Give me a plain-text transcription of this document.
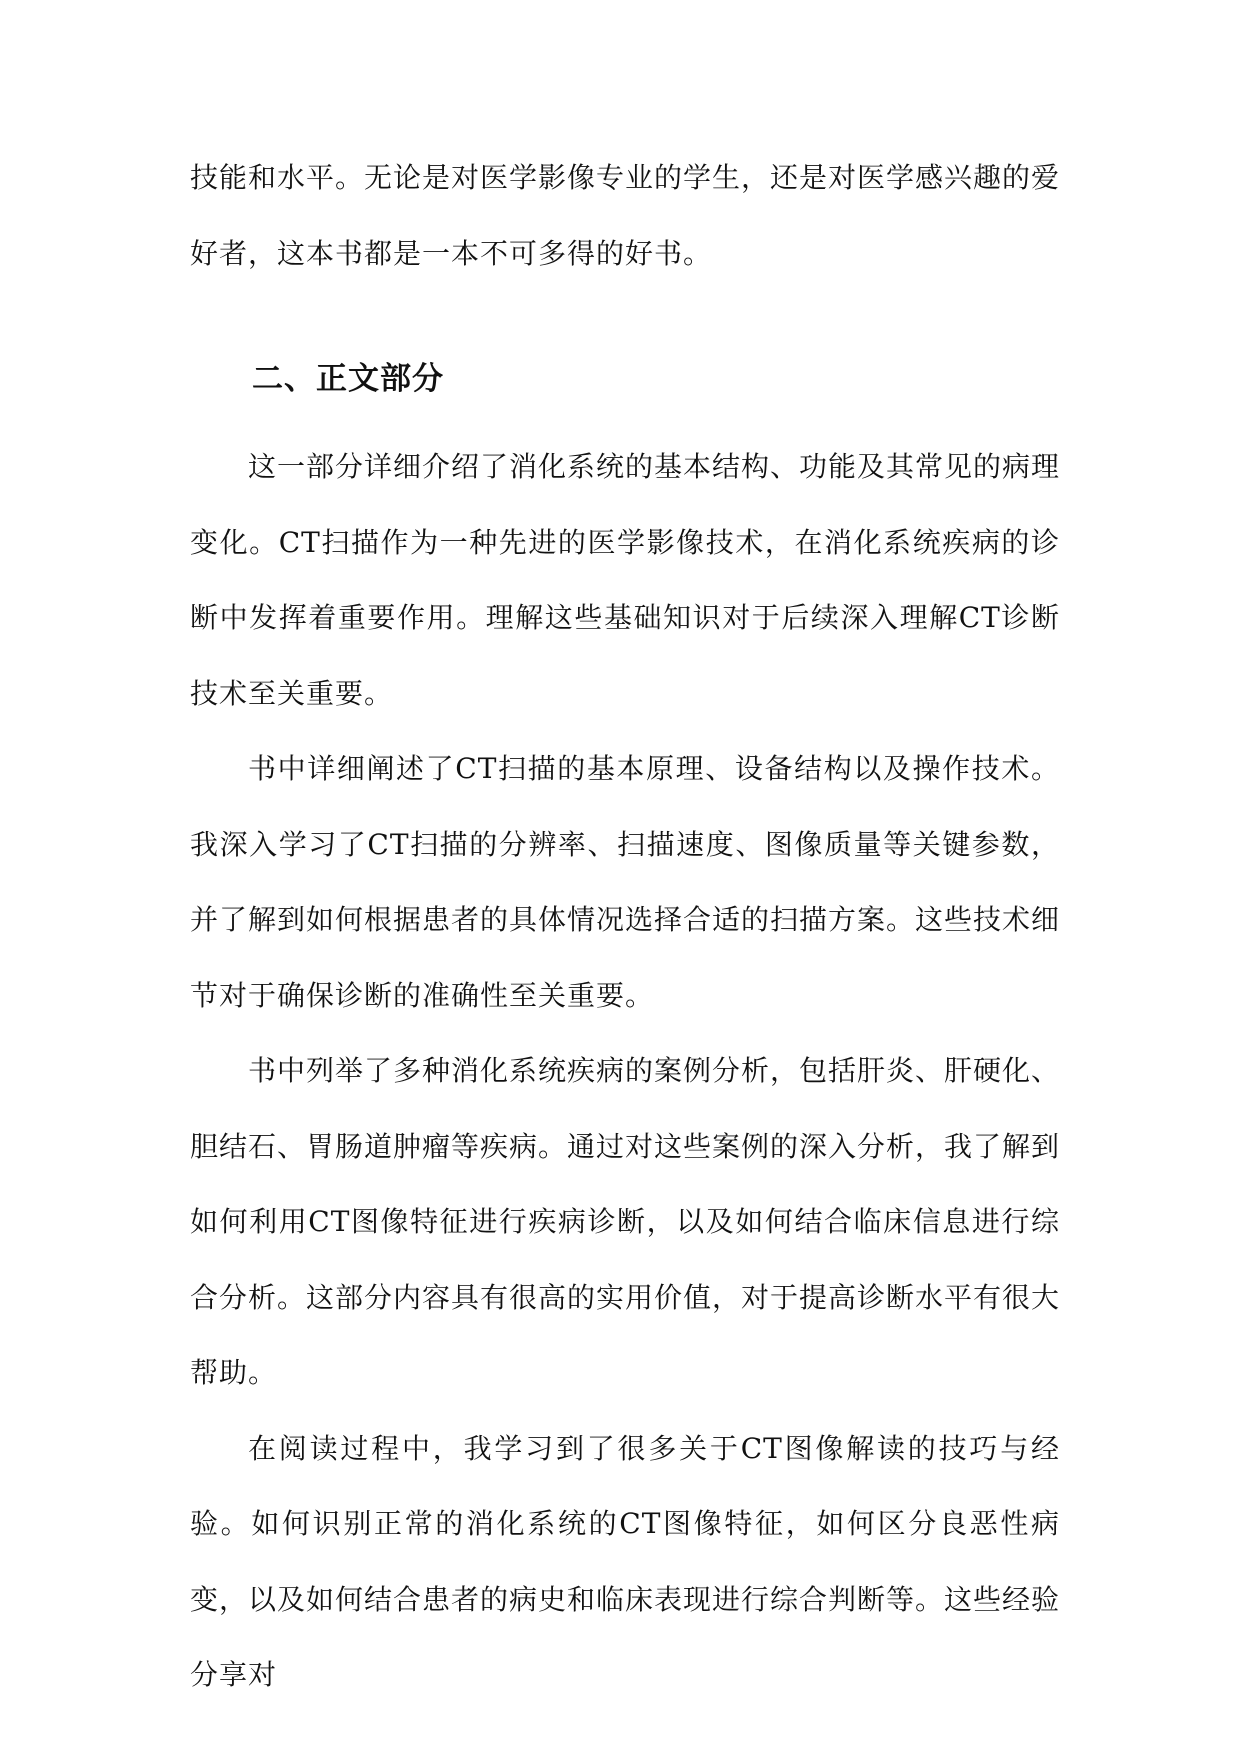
技能和水平。无论是对医学影像专业的学生，还是对医学感兴趣的爱好者，这本书都是一本不可多得的好书。

二、正文部分

这一部分详细介绍了消化系统的基本结构、功能及其常见的病理变化。CT扫描作为一种先进的医学影像技术，在消化系统疾病的诊断中发挥着重要作用。理解这些基础知识对于后续深入理解CT诊断技术至关重要。

书中详细阐述了CT扫描的基本原理、设备结构以及操作技术。我深入学习了CT扫描的分辨率、扫描速度、图像质量等关键参数，并了解到如何根据患者的具体情况选择合适的扫描方案。这些技术细节对于确保诊断的准确性至关重要。

书中列举了多种消化系统疾病的案例分析，包括肝炎、肝硬化、胆结石、胃肠道肿瘤等疾病。通过对这些案例的深入分析，我了解到如何利用CT图像特征进行疾病诊断，以及如何结合临床信息进行综合分析。这部分内容具有很高的实用价值，对于提高诊断水平有很大帮助。

在阅读过程中，我学习到了很多关于CT图像解读的技巧与经验。如何识别正常的消化系统的CT图像特征，如何区分良恶性病变，以及如何结合患者的病史和临床表现进行综合判断等。这些经验分享对
